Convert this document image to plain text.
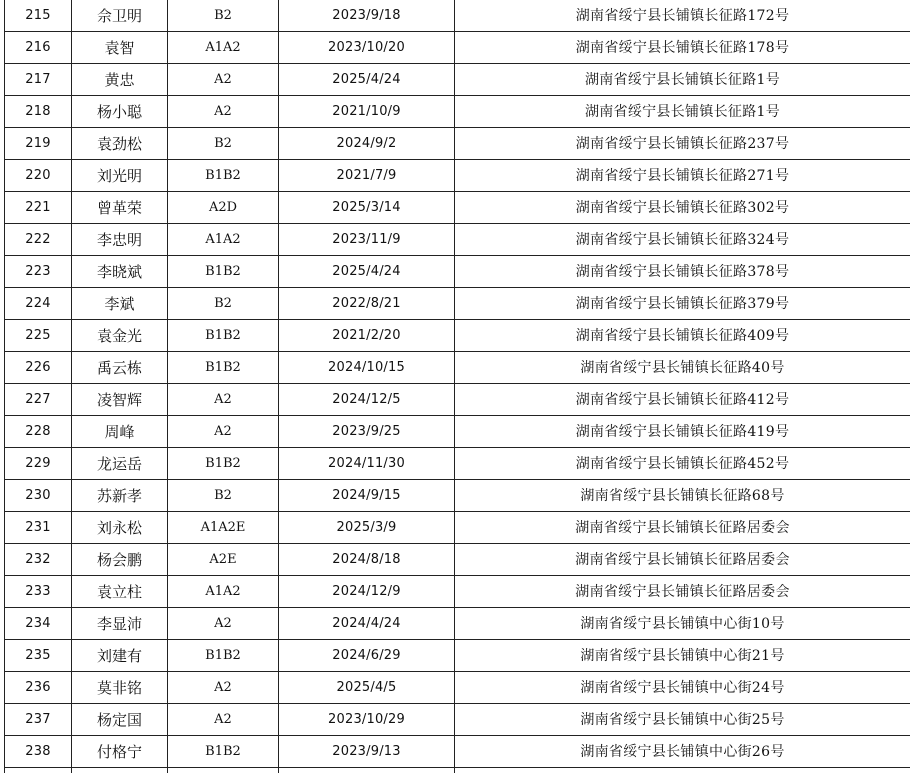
215	佘卫明	B2	2023/9/18	湖南省绥宁县长铺镇长征路172号
216	袁智	A1A2	2023/10/20	湖南省绥宁县长铺镇长征路178号
217	黄忠	A2	2025/4/24	湖南省绥宁县长铺镇长征路1号
218	杨小聪	A2	2021/10/9	湖南省绥宁县长铺镇长征路1号
219	袁劲松	B2	2024/9/2	湖南省绥宁县长铺镇长征路237号
220	刘光明	B1B2	2021/7/9	湖南省绥宁县长铺镇长征路271号
221	曾革荣	A2D	2025/3/14	湖南省绥宁县长铺镇长征路302号
222	李忠明	A1A2	2023/11/9	湖南省绥宁县长铺镇长征路324号
223	李晓斌	B1B2	2025/4/24	湖南省绥宁县长铺镇长征路378号
224	李斌	B2	2022/8/21	湖南省绥宁县长铺镇长征路379号
225	袁金光	B1B2	2021/2/20	湖南省绥宁县长铺镇长征路409号
226	禹云栋	B1B2	2024/10/15	湖南省绥宁县长铺镇长征路40号
227	凌智辉	A2	2024/12/5	湖南省绥宁县长铺镇长征路412号
228	周峰	A2	2023/9/25	湖南省绥宁县长铺镇长征路419号
229	龙运岳	B1B2	2024/11/30	湖南省绥宁县长铺镇长征路452号
230	苏新孝	B2	2024/9/15	湖南省绥宁县长铺镇长征路68号
231	刘永松	A1A2E	2025/3/9	湖南省绥宁县长铺镇长征路居委会
232	杨会鹏	A2E	2024/8/18	湖南省绥宁县长铺镇长征路居委会
233	袁立柱	A1A2	2024/12/9	湖南省绥宁县长铺镇长征路居委会
234	李显沛	A2	2024/4/24	湖南省绥宁县长铺镇中心街10号
235	刘建有	B1B2	2024/6/29	湖南省绥宁县长铺镇中心街21号
236	莫非铭	A2	2025/4/5	湖南省绥宁县长铺镇中心街24号
237	杨定国	A2	2023/10/29	湖南省绥宁县长铺镇中心街25号
238	付格宁	B1B2	2023/9/13	湖南省绥宁县长铺镇中心街26号
